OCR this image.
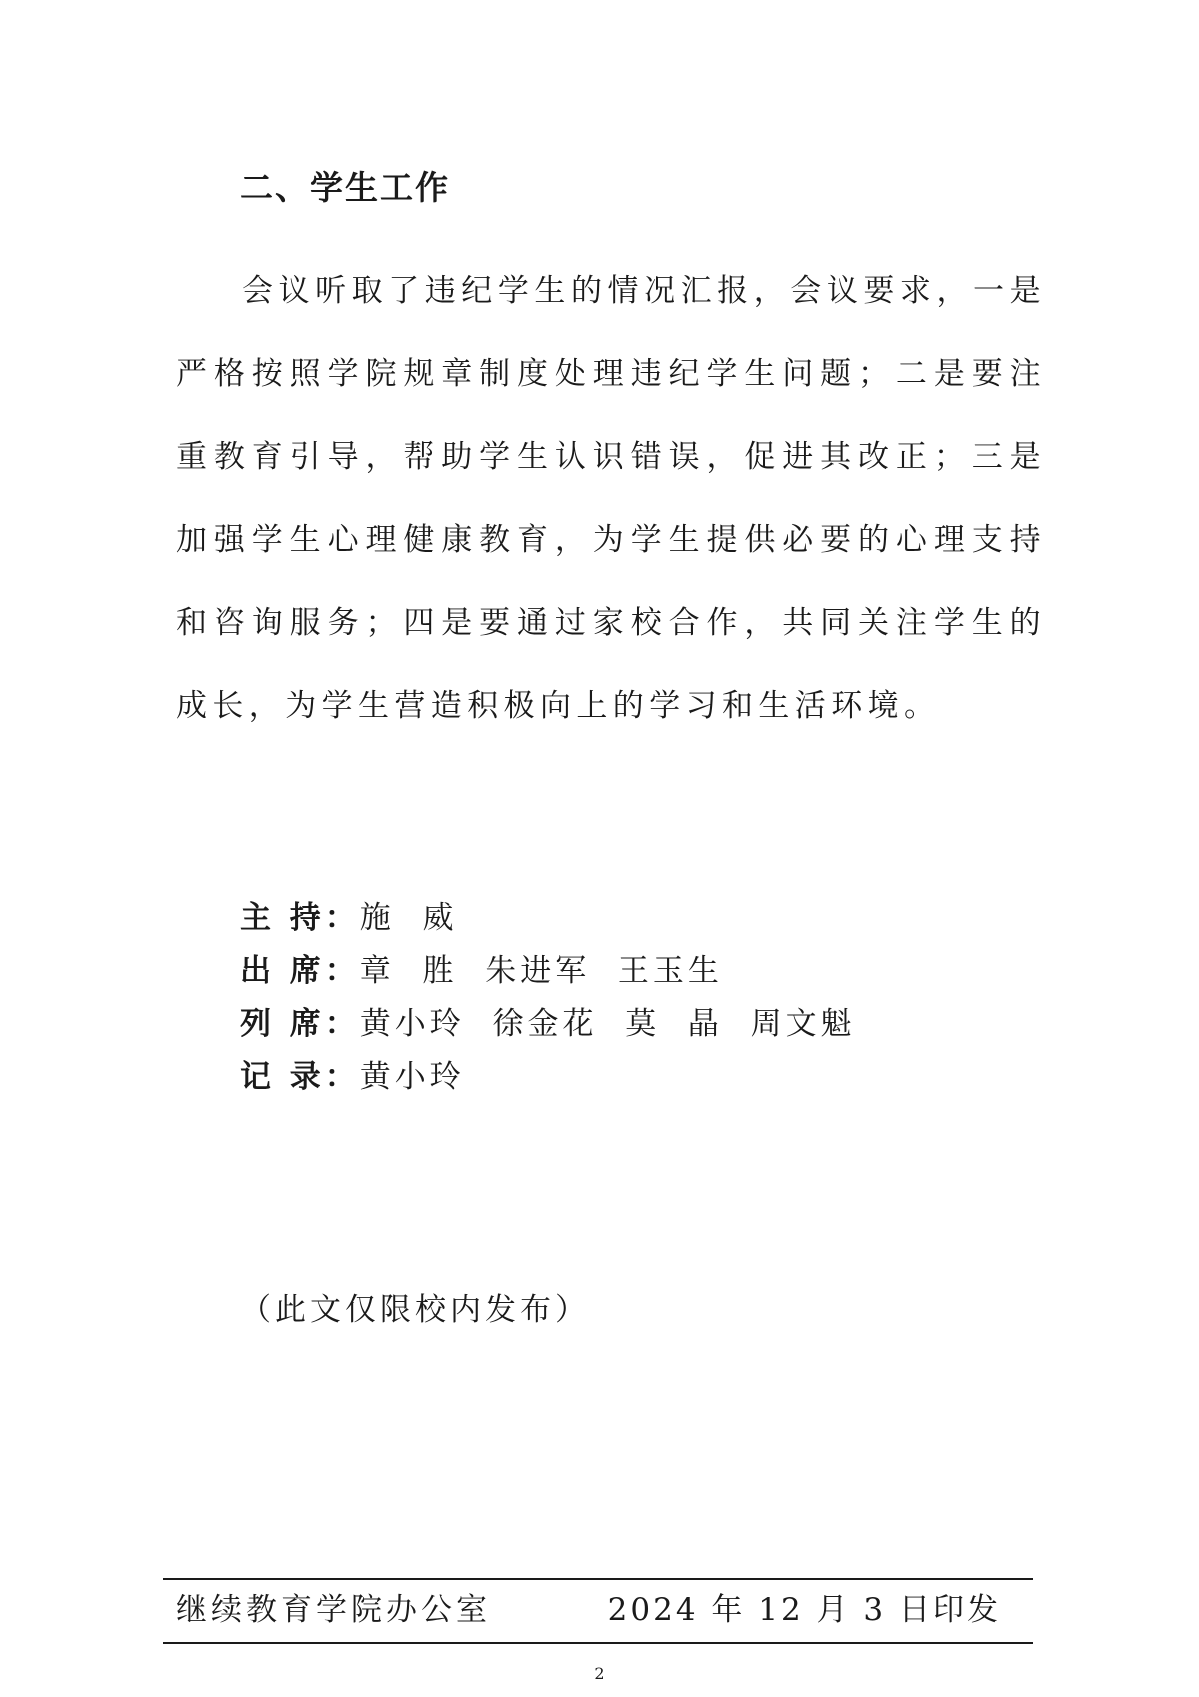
二、学生工作

会议听取了违纪学生的情况汇报，会议要求，一是严格按照学院规章制度处理违纪学生问题；二是要注重教育引导，帮助学生认识错误，促进其改正；三是加强学生心理健康教育，为学生提供必要的心理支持和咨询服务；四是要通过家校合作，共同关注学生的成长，为学生营造积极向上的学习和生活环境。

主 持：施  威
出 席：章  胜  朱进军  王玉生
列 席：黄小玲  徐金花  莫  晶  周文魁
记 录：黄小玲
（此文仅限校内发布）
继续教育学院办公室	2024 年 12 月 3 日印发
2
